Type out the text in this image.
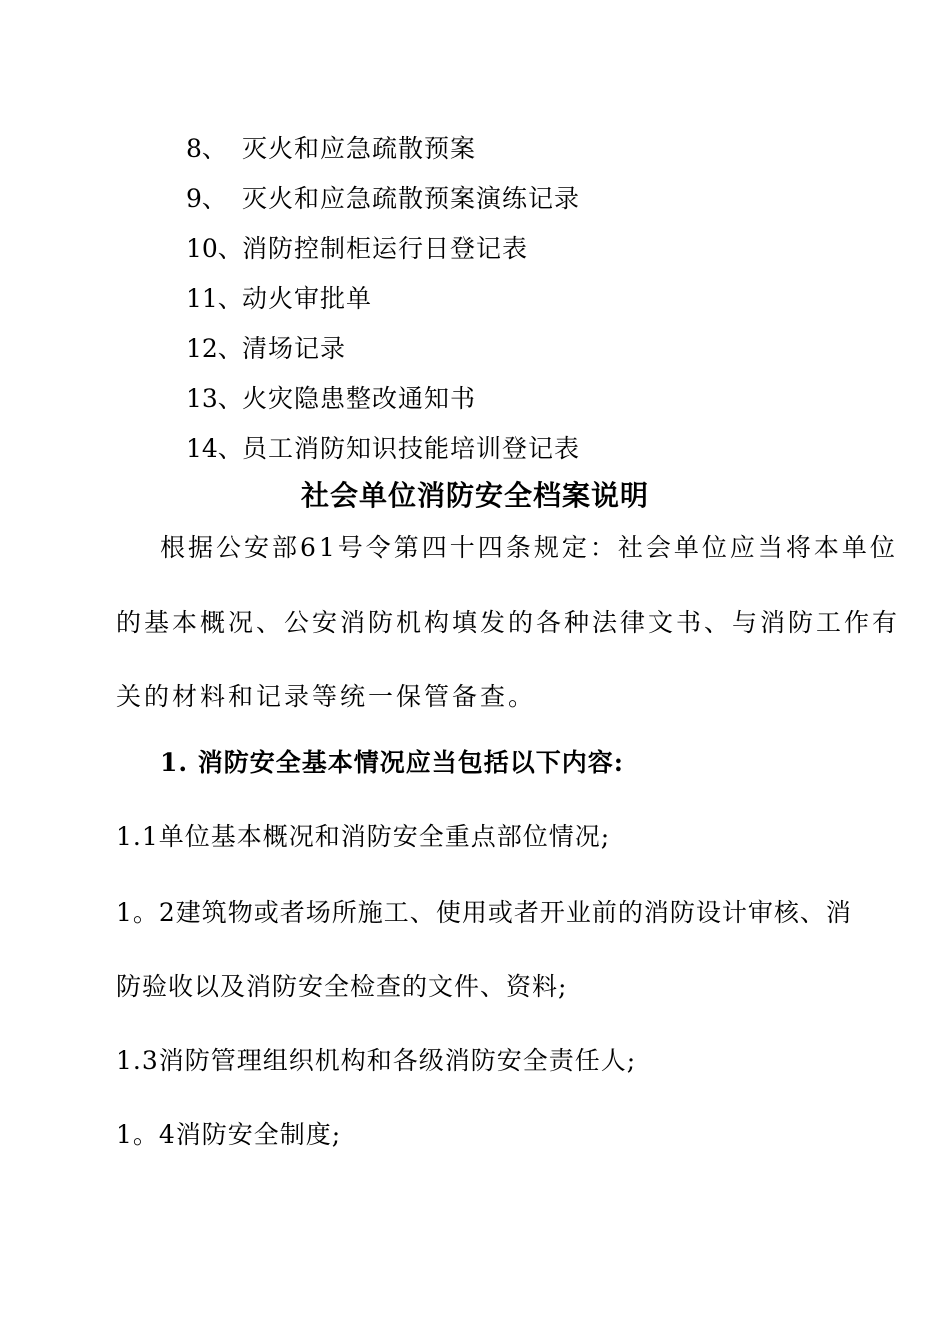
8、 灭火和应急疏散预案
9、 灭火和应急疏散预案演练记录
10、 消防控制柜运行日登记表
11、 动火审批单
12、 清场记录
13、 火灾隐患整改通知书
14、 员工消防知识技能培训登记表
社会单位消防安全档案说明
根据公安部61号令第四十四条规定：社会单位应当将本单位
的基本概况、公安消防机构填发的各种法律文书、与消防工作有
关的材料和记录等统一保管备查。
1. 消防安全基本情况应当包括以下内容:
1.1单位基本概况和消防安全重点部位情况;
1。2建筑物或者场所施工、使用或者开业前的消防设计审核、消
防验收以及消防安全检查的文件、资料;
1.3消防管理组织机构和各级消防安全责任人;
1。4消防安全制度;
